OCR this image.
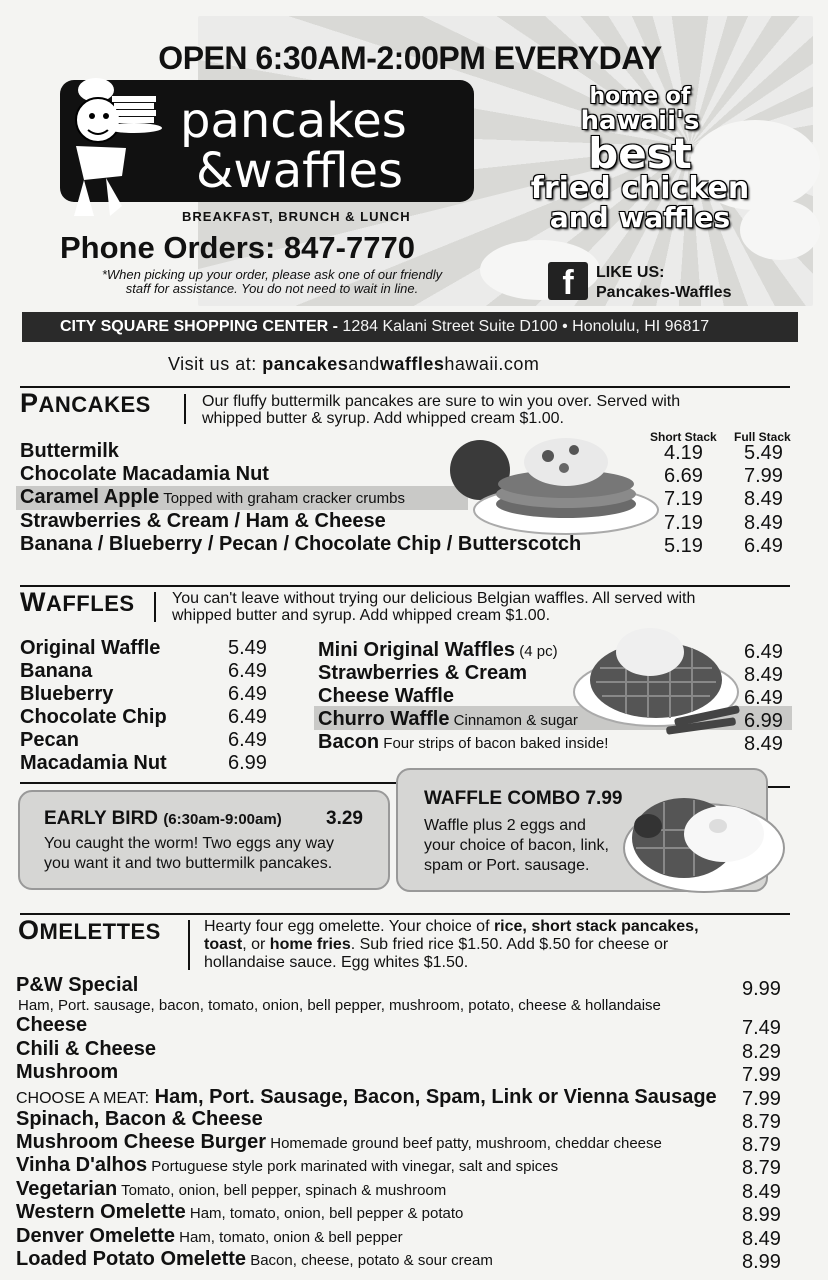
OPEN 6:30AM-2:00PM EVERYDAY
pancakes
&waffles
BREAKFAST, BRUNCH & LUNCH
Phone Orders: 847-7770
*When picking up your order, please ask one of our friendly
staff for assistance. You do not need to wait in line.
home of
hawaii's
best
fried chicken
and waffles
f	LIKE US:
Pancakes-Waffles
CITY SQUARE SHOPPING CENTER - 1284 Kalani Street Suite D100 • Honolulu, HI 96817
Visit us at: pancakesandwaffleshawaii.com
PANCAKES	Our fluffy buttermilk pancakes are sure to win you over. Served with
whipped butter & syrup. Add whipped cream $1.00.
Short Stack Full Stack
Buttermilk	4.19 5.49
Chocolate Macadamia Nut	6.69 7.99
Caramel Apple Topped with graham cracker crumbs	7.19 8.49
Strawberries & Cream / Ham & Cheese	7.19 8.49
Banana / Blueberry / Pecan / Chocolate Chip / Butterscotch	5.19 6.49
WAFFLES You can't leave without trying our delicious Belgian waffles. All served with
whipped butter and syrup. Add whipped cream $1.00.
Original Waffle	5.49
Banana	6.49
Blueberry	6.49
Chocolate Chip	6.49
Pecan	6.49
Macadamia Nut	6.99
Mini Original Waffles (4 pc)	6.49
Strawberries & Cream	8.49
Cheese Waffle	6.49
Churro Waffle Cinnamon & sugar	6.99
Bacon Four strips of bacon baked inside!	8.49
EARLY BIRD (6:30am-9:00am) 3.29
You caught the worm! Two eggs any way
you want it and two buttermilk pancakes.
WAFFLE COMBO 7.99
Waffle plus 2 eggs and
your choice of bacon, link,
spam or Port. sausage.
OMELETTES	Hearty four egg omelette. Your choice of rice, short stack pancakes,
toast, or home fries. Sub fried rice $1.50. Add $.50 for cheese or
hollandaise sauce. Egg whites $1.50.
P&W Special	9.99
Ham, Port. sausage, bacon, tomato, onion, bell pepper, mushroom, potato, cheese & hollandaise
Cheese	7.49
Chili & Cheese	8.29
Mushroom	7.99
CHOOSE A MEAT: Ham, Port. Sausage, Bacon, Spam, Link or Vienna Sausage 7.99
Spinach, Bacon & Cheese	8.79
Mushroom Cheese Burger Homemade ground beef patty, mushroom, cheddar cheese	8.79
Vinha D'alhos Portuguese style pork marinated with vinegar, salt and spices	8.79
Vegetarian Tomato, onion, bell pepper, spinach & mushroom	8.49
Western Omelette Ham, tomato, onion, bell pepper & potato	8.99
Denver Omelette Ham, tomato, onion & bell pepper	8.49
Loaded Potato Omelette Bacon, cheese, potato & sour cream	8.99
